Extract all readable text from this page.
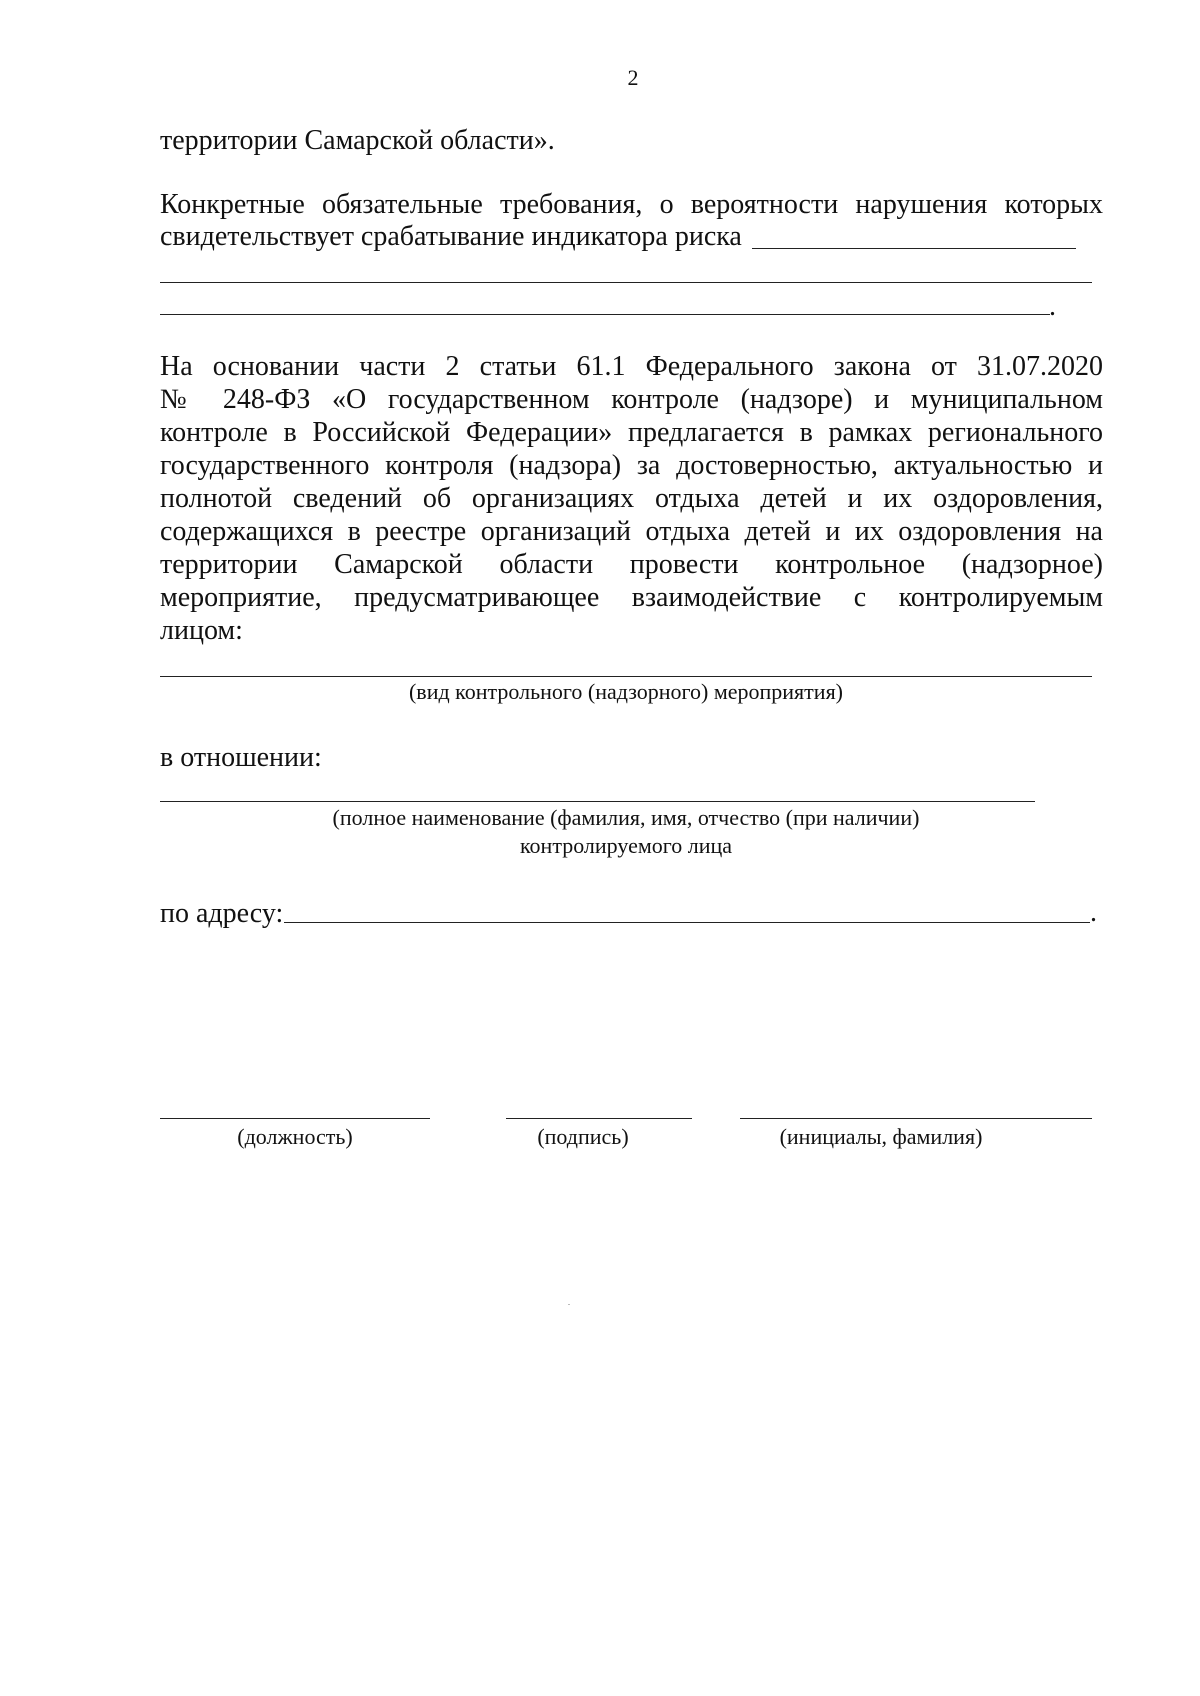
2
территории Самарской области».
Конкретные обязательные требования, о вероятности нарушения которых
свидетельствует срабатывание индикатора риска
.
На основании части 2 статьи 61.1 Федерального закона от 31.07.2020
№ 248-ФЗ «О государственном контроле (надзоре) и муниципальном
контроле в Российской Федерации» предлагается в рамках регионального
государственного контроля (надзора) за достоверностью, актуальностью и
полнотой сведений об организациях отдыха детей и их оздоровления,
содержащихся в реестре организаций отдыха детей и их оздоровления на
территории Самарской области провести контрольное (надзорное)
мероприятие, предусматривающее взаимодействие с контролируемым
лицом:
(вид контрольного (надзорного) мероприятия)
в отношении:
(полное наименование (фамилия, имя, отчество (при наличии)
контролируемого лица
по адресу:	.
(должность)	(подпись)	(инициалы, фамилия)
